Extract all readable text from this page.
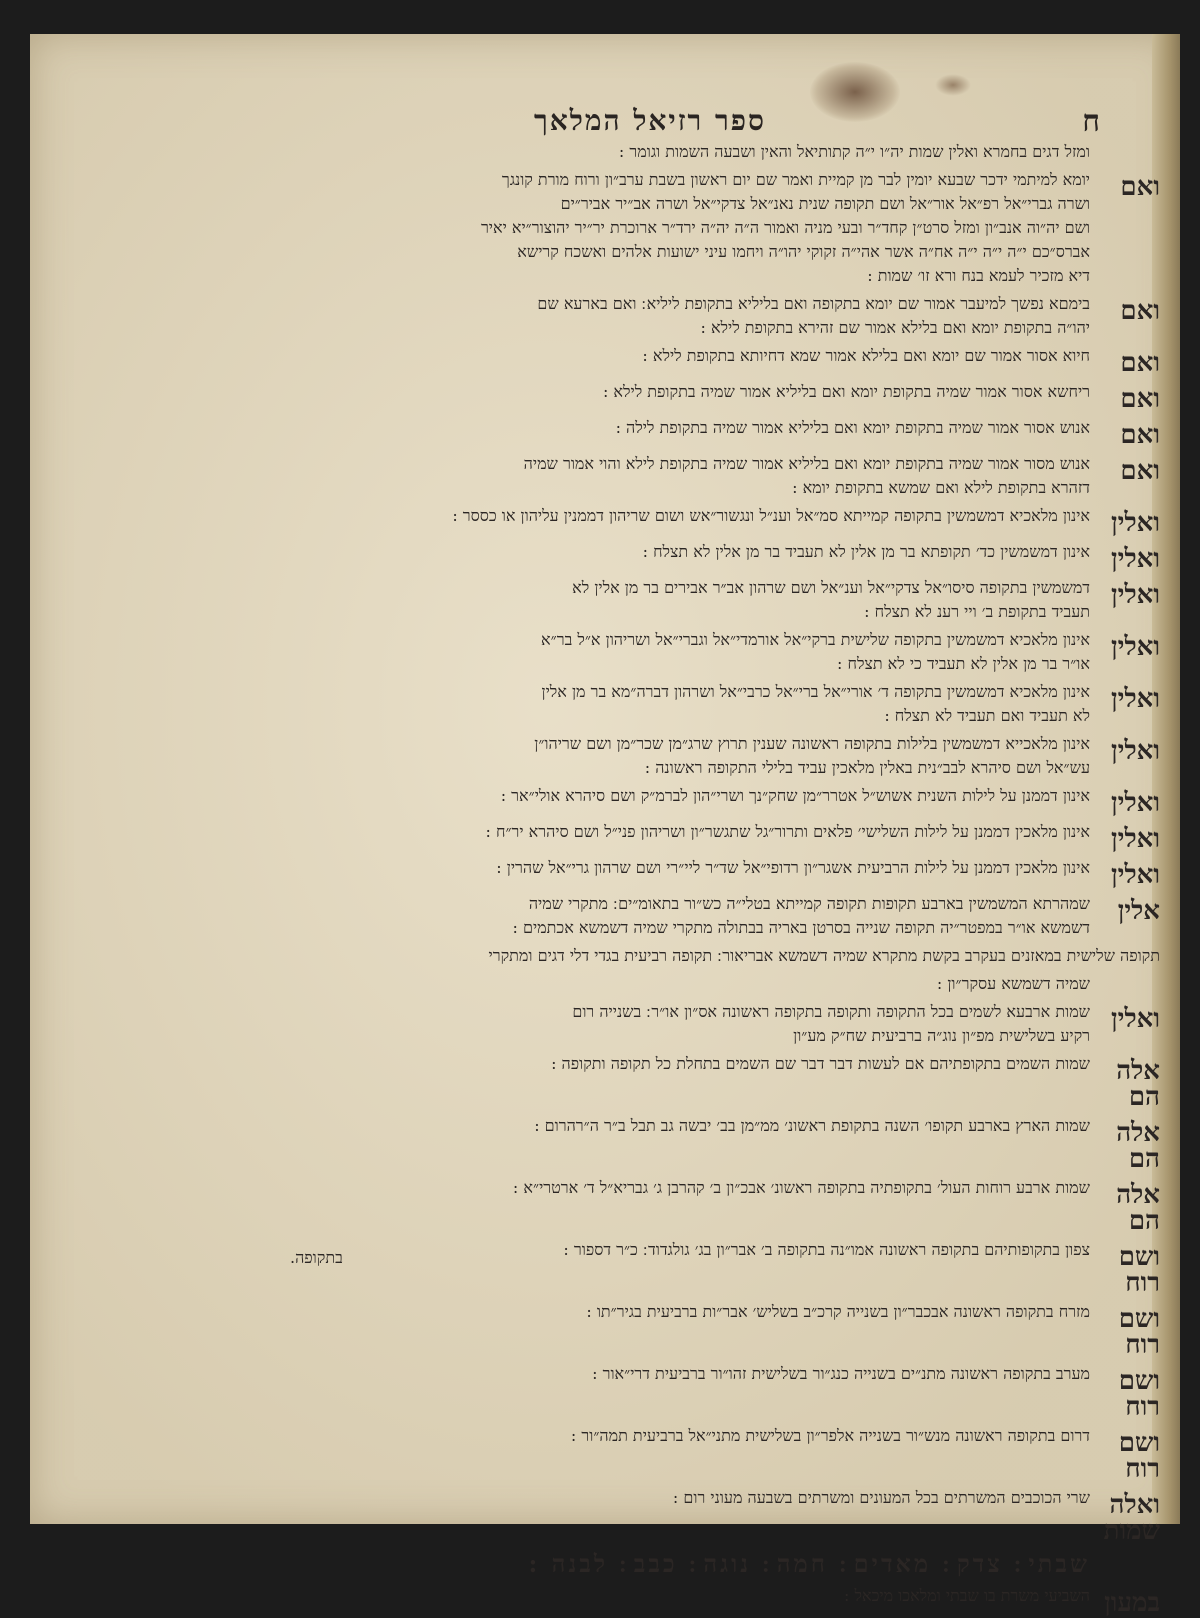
ספר רזיאל המלאך	ח
ומזל דגים בחמרא ואלין שמות יה״ו י״ה קתותיאל והאין ושבעה השמות וגומר :
ואם
יומא למיתמי ידכר שבעא יומין לבר מן קמיית ואמר שם יום ראשון בשבת ערב״ון ורוח מורת קונגך
ושרה גברי״אל רפ״אל אור״אל ושם תקופה שנית נאנ״אל צדקי״אל ושרה אב״יר אביר״ים
ושם יה״וה אנב״ון ומזל סרט״ן קחד״ר ובעי מניה ואמור ה״ה יה״ה ירד״ר ארוכרת יר״יר יהוצור״יא יאיר
אברס״כם י״ה י״ה י״ה אח״ה אשר אהי״ה זקוקי יהו״ה ויחמו עיני ישועות אלהים ואשכח קרישא
דיא מזכיר לעמא בנח ורא זו׳ שמות :
ואם
בימםא נפשך למיעבר אמור שם יומא בתקופה ואם בליליא בתקופת ליליא ׃ ואם בארעא שם
יהו״ה בתקופת יומא ואם בלילא אמור שם זהירא בתקופת לילא :
ואם
חיוא אסור אמור שם יומא ואם בלילא אמור שמא דחיותא בתקופת לילא :
ואם
ריחשא אסור אמור שמיה בתקופת יומא ואם בליליא אמור שמיה בתקופת לילא :
ואם
אנוש אסור אמור שמיה בתקופת יומא ואם בליליא אמור שמיה בתקופת לילה :
ואם
אנוש מסור אמור שמיה בתקופת יומא ואם בליליא אמור שמיה בתקופת לילא והוי אמור שמיה
דזהרא בתקופת לילא ואם שמשא בתקופת יומא :
ואלין
אינון מלאכיא דמשמשין בתקופה קמייתא סמ״אל וענ״ל ונגשור״אש ושום שריהון דממנין עליהון או כססר :
ואלין
אינון דמשמשין כד׳ תקופתא בר מן אלין לא תעביד בר מן אלין לא תצלח :
ואלין
דמשמשין בתקופה סיסו״אל צדקי״אל וענ״אל ושם שרהון אב״ר אבירים בר מן אלין לא
תעביד בתקופת ב׳ ויי רענ לא תצלח :
ואלין
אינון מלאכיא דמשמשין בתקופה שלישית ברקי״אל אורמדי״אל וגברי״אל ושריהון א״ל בר״א
או״ר בר מן אלין לא תעביד כי לא תצלח :
ואלין
אינון מלאכיא דמשמשין בתקופה ד׳ אורי״אל ברי״אל כרבי״אל ושרהון דברה״מא בר מן אלין
לא תעביד ואם תעביד לא תצלח :
ואלין
אינון מלאכייא דמשמשין בלילות בתקופה ראשונה שענין תרוץ שרג״מן שכר״מן ושם שריהו״ן
עש״אל ושם סיהרא לבב״נית באלין מלאכין עביד בלילי התקופה ראשונה :
ואלין
אינון דממנן על לילות השנית אשוש״ל אטרר״מן שחק״נך ושרי״הון לברמ״ק ושם סיהרא אולי״אר :
ואלין
אינון מלאכין דממנן על לילות השלישי׳ פלאים ותרור״גל שתגשר״ון ושריהון פני״ל ושם סיהרא יר״ח :
ואלין
אינון מלאכין דממנן על לילות הרביעית אשגר״ון רדופי״אל שד״ר ליי״רי ושם שרהון גרי״אל שהרין :
אלין
שמהרתא המשמשין בארבע תקופות תקופה קמייתא בטלי״ה כש״ור בתאומ״ים ׃ מתקרי שמיה
דשמשא או״ר במפטר״יה תקופה שנייה בסרטן באריה בבתולה מתקרי שמיה דשמשא אכתמים :
תקופה שלישית במאזנים בעקרב בקשת מתקרא שמיה דשמשא אבריאור ׃ תקופה רביעית בגדי דלי דגים ומתקרי
שמיה דשמשא עסקר״ון :
ואלין
שמות ארבעא לשמים בכל התקופה ותקופה בתקופה ראשונה אס״ון או״ר ׃ בשנייה רום
רקיע בשלישית מפ״ון נוג״ה ברביעית שח״ק מע״ון
אלה הם
שמות השמים בתקופתיהם אם לעשות דבר דבר שם השמים בתחלת כל תקופה ותקופה :
אלה הם
שמות הארץ בארבע תקופו׳ השנה בתקופת ראשונ׳ ממ״מן בב׳ יבשה גב תבל ב״ר ה״רהרום :
אלה הם
שמות ארבע רוחות העול׳ בתקופתיה בתקופה ראשונ׳ אבכ״ון ב׳ קהרבן ג׳ גבריא״ל ד׳ ארטרי״א :
ושם רוח
צפון בתקופותיהם בתקופה ראשונה אמו״נה בתקופה ב׳ אבר״ון בג׳ גולגדוד ׃ כ״ר דספור :
ושם רוח
מזרח בתקופה ראשונה אבכבר״ון בשנייה קרכ״ב בשליש׳ אבר״ות ברביעית בגיר״תו :
ושם רוח
מערב בתקופה ראשונה מתנ״ים בשנייה כנג״ור בשלישית זהו״ור ברביעית דרי״אור :
ושם רוח
דרום בתקופה ראשונה מנש״ור בשנייה אלפר״ון בשלישית מתני״אל ברביעית תמה״ור :
ואלה שמות
שרי הכוכבים המשרתים בכל המעונים ומשרתים בשבעה מעוני רום :
שבתי ׃ צדק ׃ מאדים ׃ חמה ׃ נוגה ׃ כבב ׃ לבנה :
במעון
השביעי משרת בו שבתי ומלאכו מיכאל :
בתקופה.
